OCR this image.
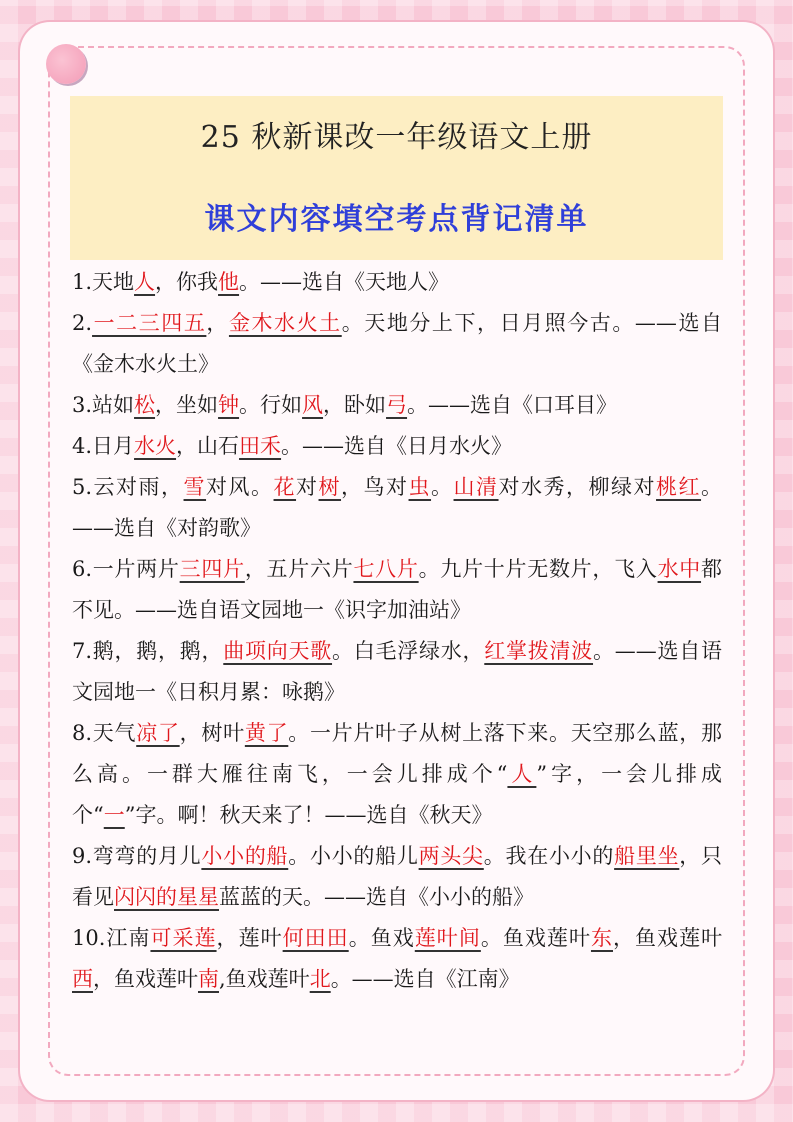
25 秋新课改一年级语文上册
课文内容填空考点背记清单

1.天地人，你我他。——选自《天地人》

2.一二三四五，金木水火土。天地分上下，日月照今古。——选自《金木水火土》

3.站如松，坐如钟。行如风，卧如弓。——选自《口耳目》

4.日月水火，山石田禾。——选自《日月水火》

5.云对雨，雪对风。花对树，鸟对虫。山清对水秀，柳绿对桃红。——选自《对韵歌》

6.一片两片三四片，五片六片七八片。九片十片无数片，飞入水中都不见。——选自语文园地一《识字加油站》

7.鹅，鹅，鹅，曲项向天歌。白毛浮绿水，红掌拨清波。——选自语文园地一《日积月累：咏鹅》

8.天气凉了，树叶黄了。一片片叶子从树上落下来。天空那么蓝，那么高。一群大雁往南飞，一会儿排成个“人”字，一会儿排成个“一”字。啊！秋天来了！——选自《秋天》

9.弯弯的月儿小小的船。小小的船儿两头尖。我在小小的船里坐，只看见闪闪的星星蓝蓝的天。——选自《小小的船》

10.江南可采莲，莲叶何田田。鱼戏莲叶间。鱼戏莲叶东，鱼戏莲叶西，鱼戏莲叶南,鱼戏莲叶北。——选自《江南》
